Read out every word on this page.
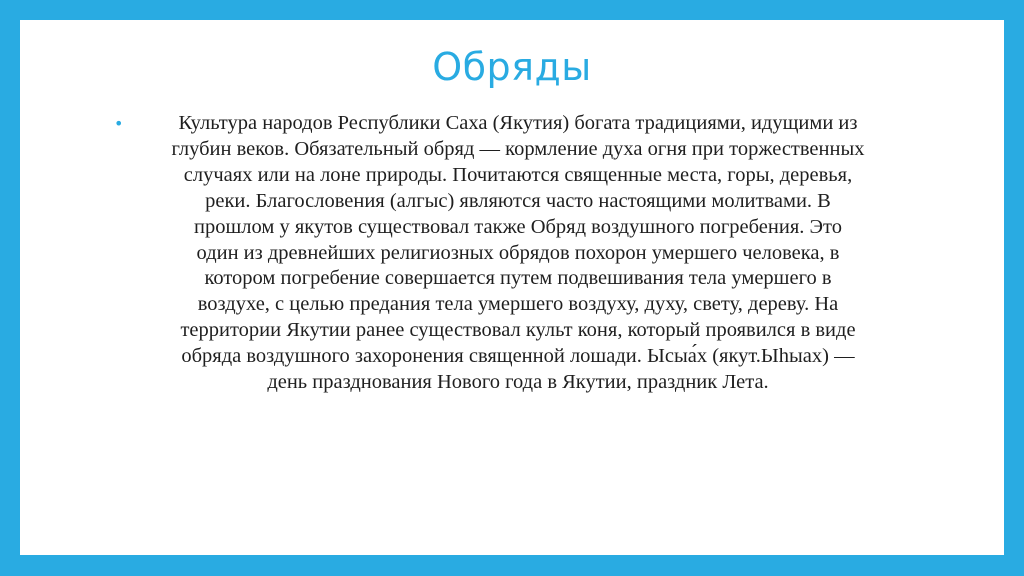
Обряды
•	Культура народов Республики Саха (Якутия) богата традициями, идущими из
глубин веков. Обязательный обряд — кормление духа огня при торжественных
случаях или на лоне природы. Почитаются священные места, горы, деревья,
реки. Благословения (алгыс) являются часто настоящими молитвами. В
прошлом у якутов существовал также Обряд воздушного погребения. Это
один из древнейших религиозных обрядов похорон умершего человека, в
котором погребение совершается путем подвешивания тела умершего в
воздухе, с целью предания тела умершего воздуху, духу, свету, дереву. На
территории Якутии ранее существовал культ коня, который проявился в виде
обряда воздушного захоронения священной лошади. Ысыа́х (якут.Ыhыах) —
день празднования Нового года в Якутии, праздник Лета.
